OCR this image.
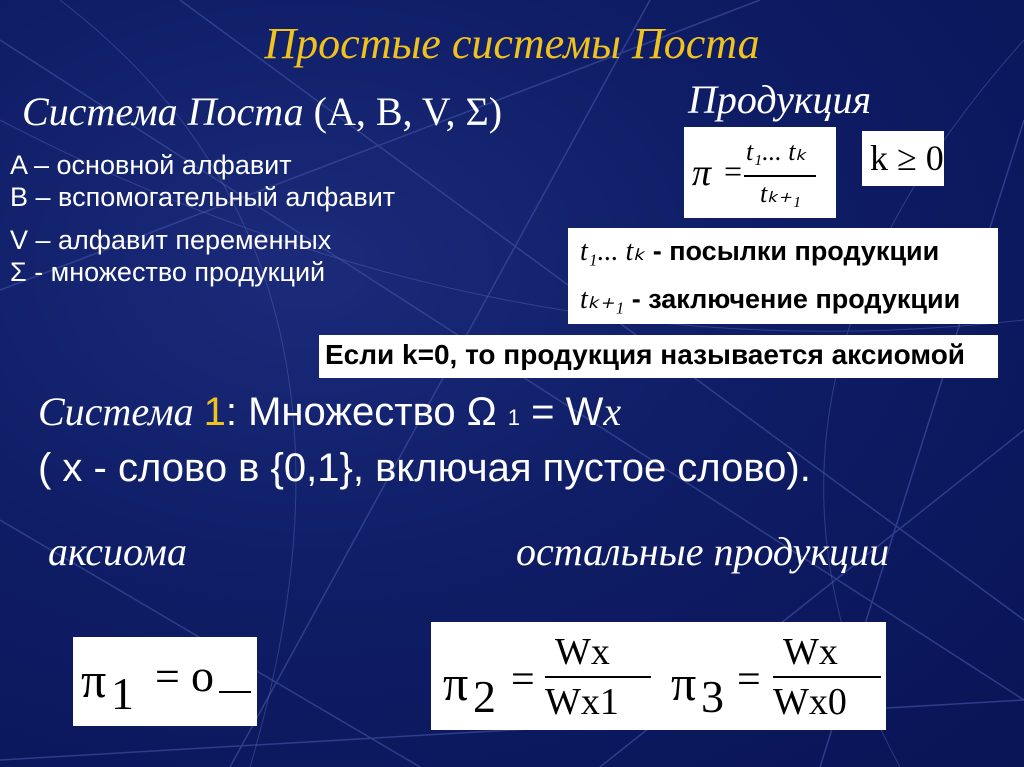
Простые системы Поста
Система Поста (A, B, V, Σ)	Продукция
A – основной алфавит
B – вспомогательный алфавит
V – алфавит переменных
Σ - множество продукций
π =
t₁... tₖ
tₖ₊₁
k ≥ 0
t₁... tₖ - посылки продукции
tₖ₊₁ - заключение продукции
Если k=0, то продукция называется аксиомой
Система 1: Множество Ω 1 = Wx
( x - слово в {0,1}, включая пустое слово).
аксиома	остальные продукции
π 1 = o	π 2 =
Wx
Wx1 π 3 =
Wx
Wx0
